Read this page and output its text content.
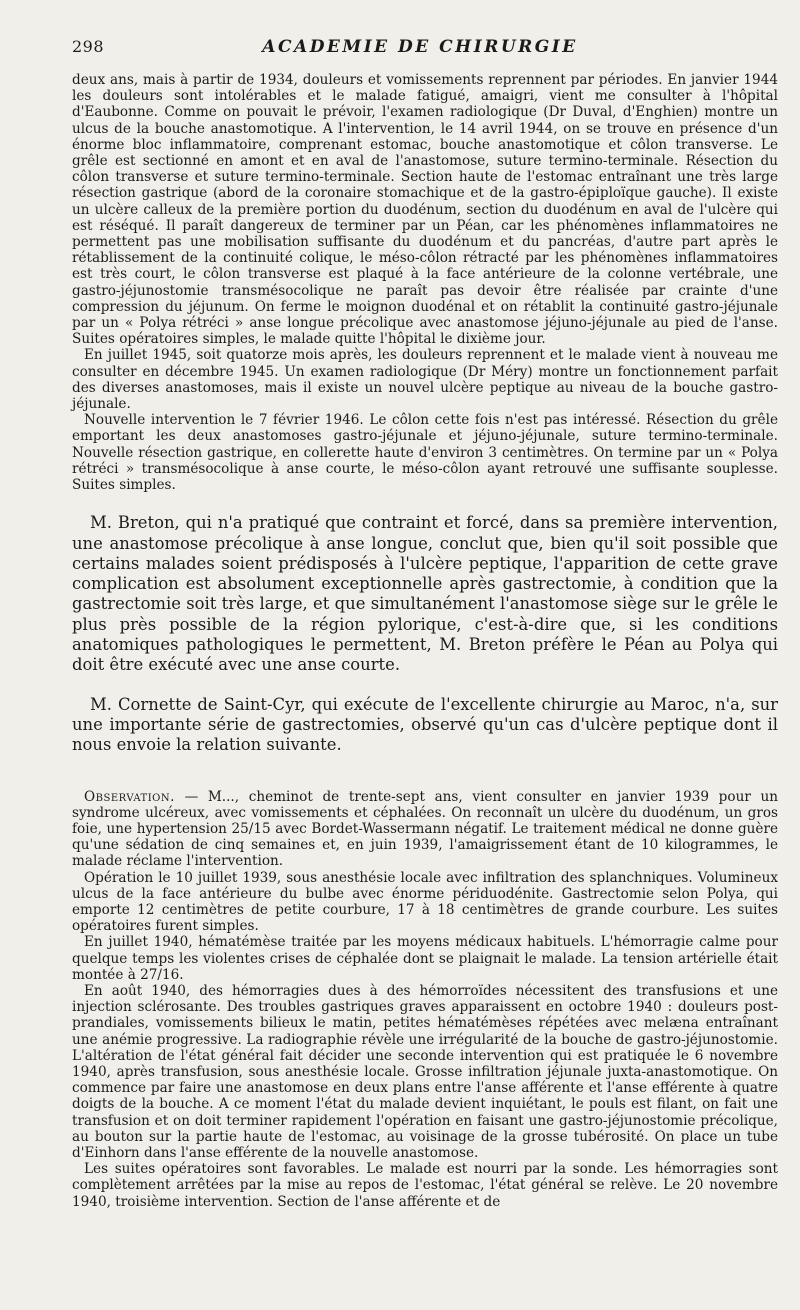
298	ACADEMIE DE CHIRURGIE

deux ans, mais à partir de 1934, douleurs et vomissements reprennent par périodes. En janvier 1944 les douleurs sont intolérables et le malade fatigué, amaigri, vient me consulter à l'hôpital d'Eaubonne. Comme on pouvait le prévoir, l'examen radiologique (Dr Duval, d'Enghien) montre un ulcus de la bouche anastomotique. A l'intervention, le 14 avril 1944, on se trouve en présence d'un énorme bloc inflammatoire, comprenant estomac, bouche anastomotique et côlon transverse. Le grêle est sectionné en amont et en aval de l'anastomose, suture termino-terminale. Résection du côlon transverse et suture termino-terminale. Section haute de l'estomac entraînant une très large résection gastrique (abord de la coronaire stomachique et de la gastro-épiploïque gauche). Il existe un ulcère calleux de la première portion du duodénum, section du duodénum en aval de l'ulcère qui est réséqué. Il paraît dangereux de terminer par un Péan, car les phénomènes inflammatoires ne permettent pas une mobilisation suffisante du duodénum et du pancréas, d'autre part après le rétablissement de la continuité colique, le méso-côlon rétracté par les phénomènes inflammatoires est très court, le côlon transverse est plaqué à la face antérieure de la colonne vertébrale, une gastro-jéjunostomie transmésocolique ne paraît pas devoir être réalisée par crainte d'une compression du jéjunum. On ferme le moignon duodénal et on rétablit la continuité gastro-jéjunale par un « Polya rétréci » anse longue précolique avec anastomose jéjuno-jéjunale au pied de l'anse. Suites opératoires simples, le malade quitte l'hôpital le dixième jour.

En juillet 1945, soit quatorze mois après, les douleurs reprennent et le malade vient à nouveau me consulter en décembre 1945. Un examen radiologique (Dr Méry) montre un fonctionnement parfait des diverses anastomoses, mais il existe un nouvel ulcère peptique au niveau de la bouche gastro-jéjunale.

Nouvelle intervention le 7 février 1946. Le côlon cette fois n'est pas intéressé. Résection du grêle emportant les deux anastomoses gastro-jéjunale et jéjuno-jéjunale, suture termino-terminale. Nouvelle résection gastrique, en collerette haute d'environ 3 centimètres. On termine par un « Polya rétréci » transmésocolique à anse courte, le méso-côlon ayant retrouvé une suffisante souplesse. Suites simples.

M. Breton, qui n'a pratiqué que contraint et forcé, dans sa première intervention, une anastomose précolique à anse longue, conclut que, bien qu'il soit possible que certains malades soient prédisposés à l'ulcère peptique, l'apparition de cette grave complication est absolument exceptionnelle après gastrectomie, à condition que la gastrectomie soit très large, et que simultanément l'anastomose siège sur le grêle le plus près possible de la région pylorique, c'est-à-dire que, si les conditions anatomiques pathologiques le permettent, M. Breton préfère le Péan au Polya qui doit être exécuté avec une anse courte.

M. Cornette de Saint-Cyr, qui exécute de l'excellente chirurgie au Maroc, n'a, sur une importante série de gastrectomies, observé qu'un cas d'ulcère peptique dont il nous envoie la relation suivante.

Observation. — M..., cheminot de trente-sept ans, vient consulter en janvier 1939 pour un syndrome ulcéreux, avec vomissements et céphalées. On reconnaît un ulcère du duodénum, un gros foie, une hypertension 25/15 avec Bordet-Wassermann négatif. Le traitement médical ne donne guère qu'une sédation de cinq semaines et, en juin 1939, l'amaigrissement étant de 10 kilogrammes, le malade réclame l'intervention.

Opération le 10 juillet 1939, sous anesthésie locale avec infiltration des splanchniques. Volumineux ulcus de la face antérieure du bulbe avec énorme périduodénite. Gastrectomie selon Polya, qui emporte 12 centimètres de petite courbure, 17 à 18 centimètres de grande courbure. Les suites opératoires furent simples.

En juillet 1940, hématémèse traitée par les moyens médicaux habituels. L'hémorragie calme pour quelque temps les violentes crises de céphalée dont se plaignait le malade. La tension artérielle était montée à 27/16.

En août 1940, des hémorragies dues à des hémorroïdes nécessitent des transfusions et une injection sclérosante. Des troubles gastriques graves apparaissent en octobre 1940 : douleurs post-prandiales, vomissements bilieux le matin, petites hématémèses répétées avec melæna entraînant une anémie progressive. La radiographie révèle une irrégularité de la bouche de gastro-jéjunostomie. L'altération de l'état général fait décider une seconde intervention qui est pratiquée le 6 novembre 1940, après transfusion, sous anesthésie locale. Grosse infiltration jéjunale juxta-anastomotique. On commence par faire une anastomose en deux plans entre l'anse afférente et l'anse efférente à quatre doigts de la bouche. A ce moment l'état du malade devient inquiétant, le pouls est filant, on fait une transfusion et on doit terminer rapidement l'opération en faisant une gastro-jéjunostomie précolique, au bouton sur la partie haute de l'estomac, au voisinage de la grosse tubérosité. On place un tube d'Einhorn dans l'anse efférente de la nouvelle anastomose.

Les suites opératoires sont favorables. Le malade est nourri par la sonde. Les hémorragies sont complètement arrêtées par la mise au repos de l'estomac, l'état général se relève. Le 20 novembre 1940, troisième intervention. Section de l'anse afférente et de
